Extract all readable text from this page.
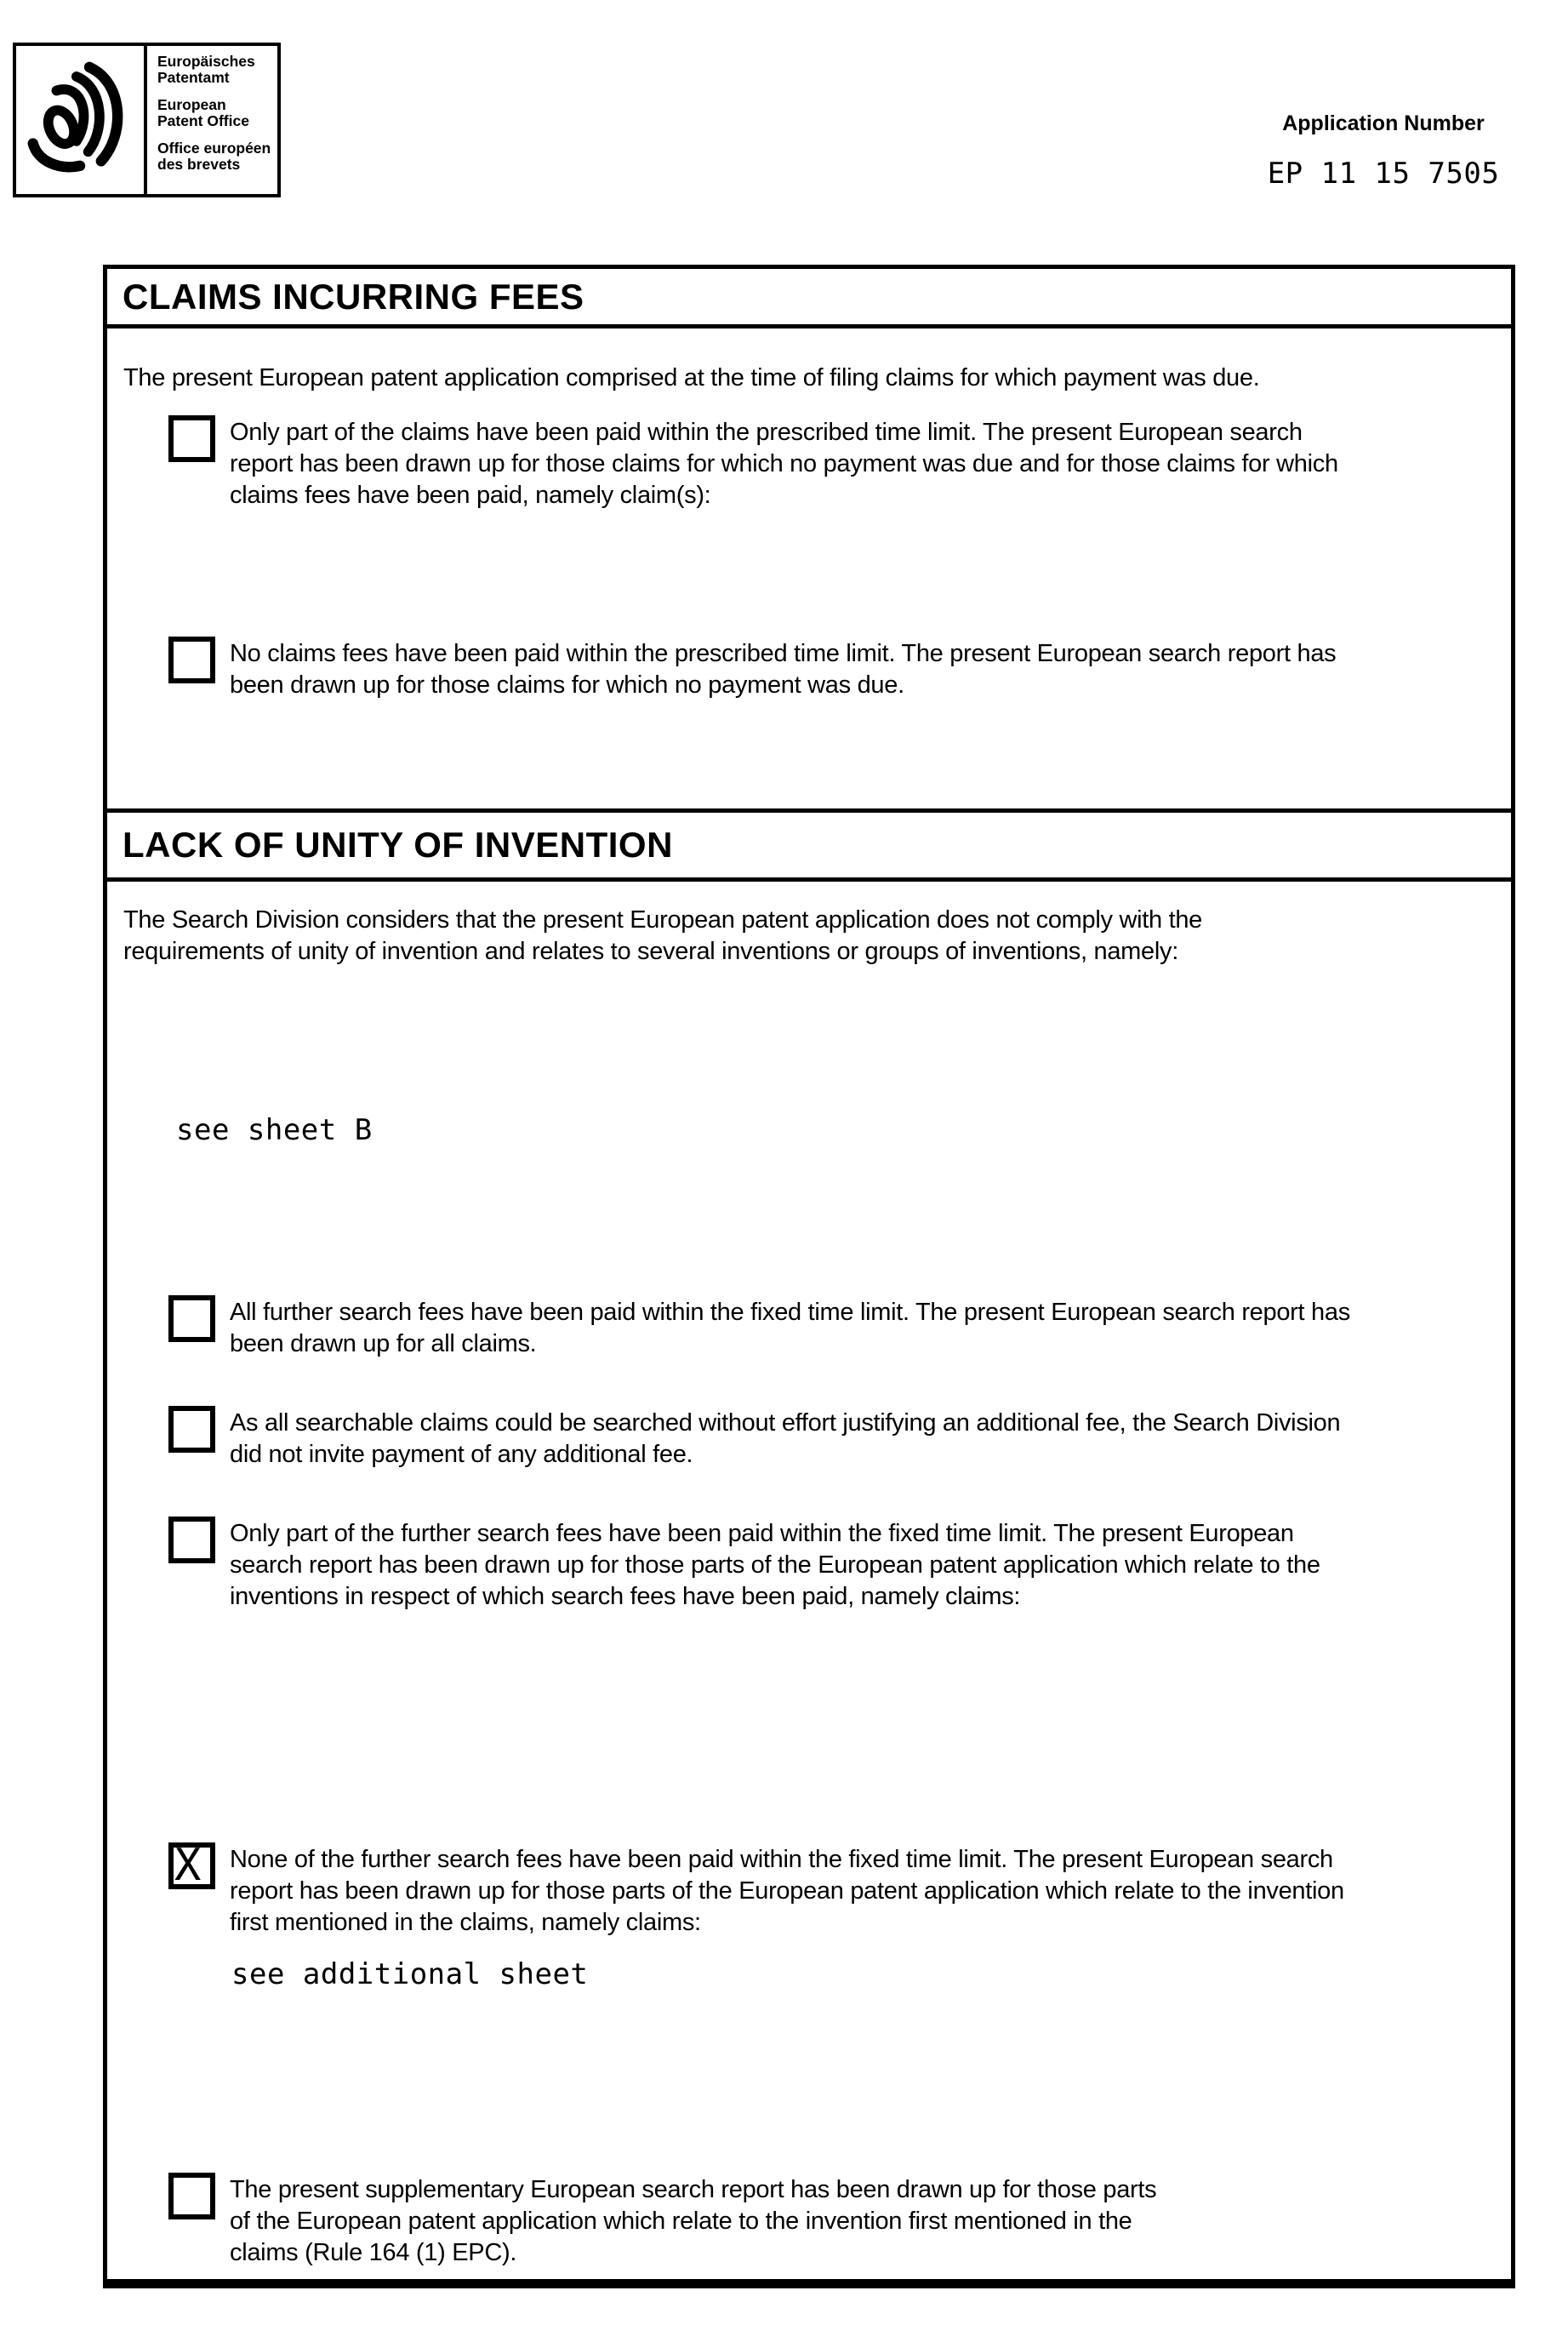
Europäisches
Patentamt
European
Patent Office
Office européen
des brevets
Application Number
EP 11 15 7505
CLAIMS INCURRING FEES
The present European patent application comprised at the time of filing claims for which payment was due.
Only part of the claims have been paid within the prescribed time limit. The present European search
report has been drawn up for those claims for which no payment was due and for those claims for which
claims fees have been paid, namely claim(s):
No claims fees have been paid within the prescribed time limit. The present European search report has
been drawn up for those claims for which no payment was due.
LACK OF UNITY OF INVENTION
The Search Division considers that the present European patent application does not comply with the
requirements of unity of invention and relates to several inventions or groups of inventions, namely:
see sheet B
All further search fees have been paid within the fixed time limit. The present European search report has
been drawn up for all claims.
As all searchable claims could be searched without effort justifying an additional fee, the Search Division
did not invite payment of any additional fee.
Only part of the further search fees have been paid within the fixed time limit. The present European
search report has been drawn up for those parts of the European patent application which relate to the
inventions in respect of which search fees have been paid, namely claims:
X None of the further search fees have been paid within the fixed time limit. The present European search
report has been drawn up for those parts of the European patent application which relate to the invention
first mentioned in the claims, namely claims:
see additional sheet
The present supplementary European search report has been drawn up for those parts
of the European patent application which relate to the invention first mentioned in the
claims (Rule 164 (1) EPC).
